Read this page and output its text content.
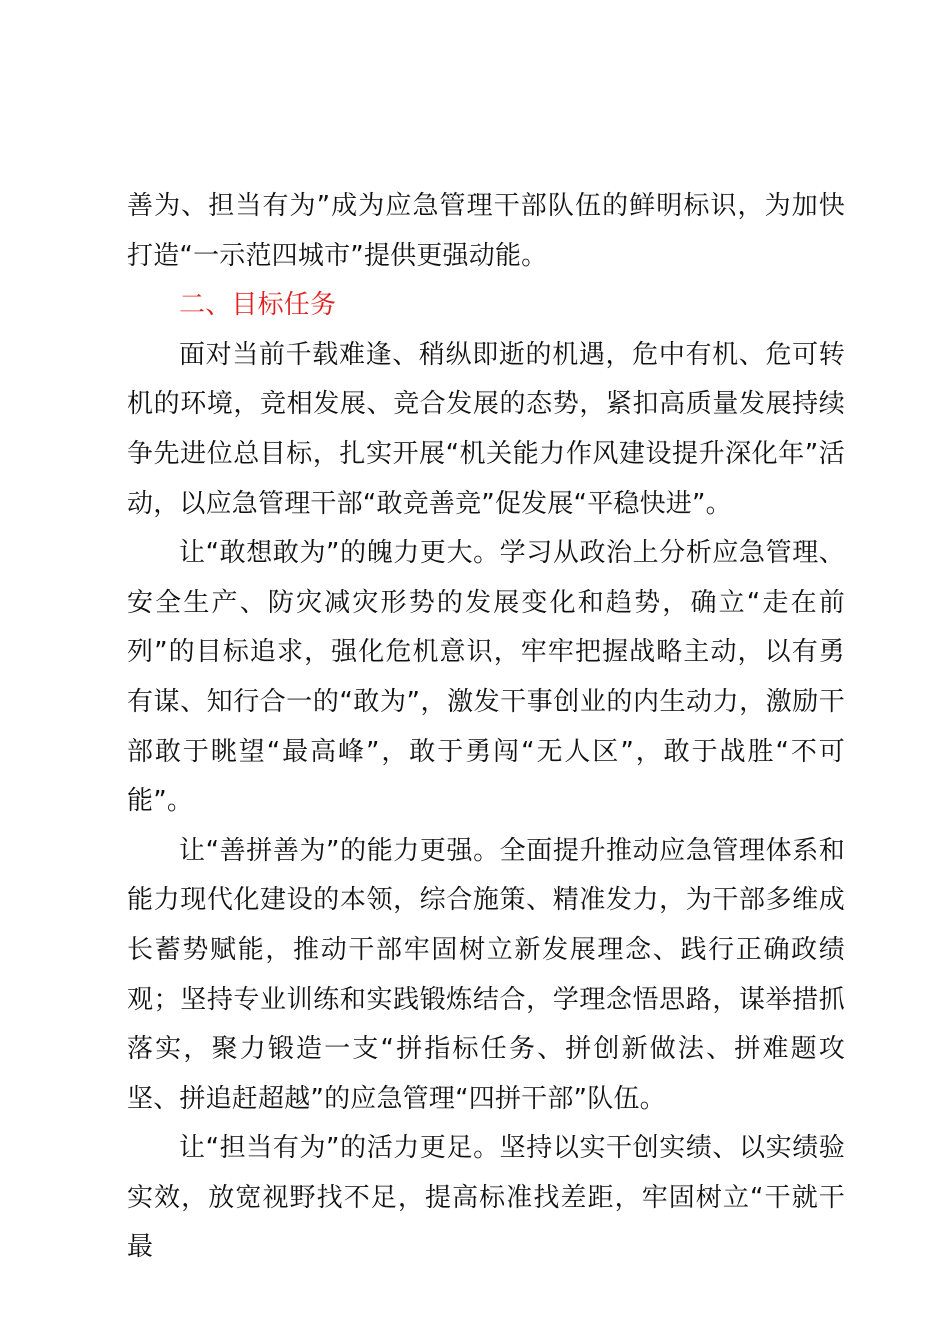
善为、担当有为”成为应急管理干部队伍的鲜明标识，为加快打造“一示范四城市”提供更强动能。

二、目标任务

面对当前千载难逢、稍纵即逝的机遇，危中有机、危可转机的环境，竞相发展、竞合发展的态势，紧扣高质量发展持续争先进位总目标，扎实开展“机关能力作风建设提升深化年”活动，以应急管理干部“敢竞善竞”促发展“平稳快进”。

让“敢想敢为”的魄力更大。学习从政治上分析应急管理、安全生产、防灾减灾形势的发展变化和趋势，确立“走在前列”的目标追求，强化危机意识，牢牢把握战略主动，以有勇有谋、知行合一的“敢为”，激发干事创业的内生动力，激励干部敢于眺望“最高峰”，敢于勇闯“无人区”，敢于战胜“不可能”。

让“善拼善为”的能力更强。全面提升推动应急管理体系和能力现代化建设的本领，综合施策、精准发力，为干部多维成长蓄势赋能，推动干部牢固树立新发展理念、践行正确政绩观；坚持专业训练和实践锻炼结合，学理念悟思路，谋举措抓落实，聚力锻造一支“拼指标任务、拼创新做法、拼难题攻坚、拼追赶超越”的应急管理“四拼干部”队伍。

让“担当有为”的活力更足。坚持以实干创实绩、以实绩验实效，放宽视野找不足，提高标准找差距，牢固树立“干就干最
